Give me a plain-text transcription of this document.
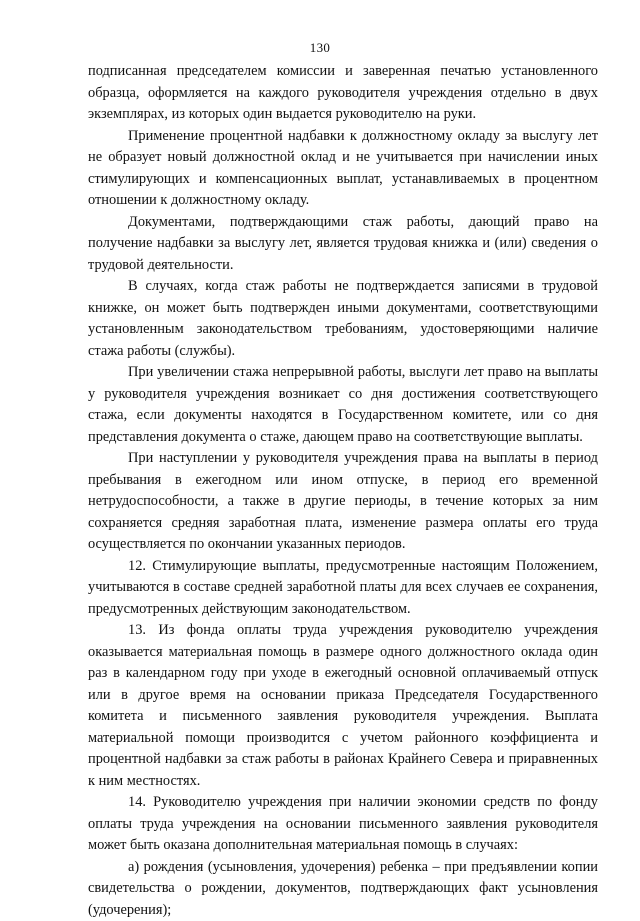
130

подписанная председателем комиссии и заверенная печатью установленного образца, оформляется на каждого руководителя учреждения отдельно в двух экземплярах, из которых один выдается руководителю на руки.

Применение процентной надбавки к должностному окладу за выслугу лет не образует новый должностной оклад и не учитывается при начислении иных стимулирующих и компенсационных выплат, устанавливаемых в процентном отношении к должностному окладу.

Документами, подтверждающими стаж работы, дающий право на получение надбавки за выслугу лет, является трудовая книжка и (или) сведения о трудовой деятельности.

В случаях, когда стаж работы не подтверждается записями в трудовой книжке, он может быть подтвержден иными документами, соответствующими установленным законодательством требованиям, удостоверяющими наличие стажа работы (службы).

При увеличении стажа непрерывной работы, выслуги лет право на выплаты у руководителя учреждения возникает со дня достижения соответствующего стажа, если документы находятся в Государственном комитете, или со дня представления документа о стаже, дающем право на соответствующие выплаты.

При наступлении у руководителя учреждения права на выплаты в период пребывания в ежегодном или ином отпуске, в период его временной нетрудоспособности, а также в другие периоды, в течение которых за ним сохраняется средняя заработная плата, изменение размера оплаты его труда осуществляется по окончании указанных периодов.

12. Стимулирующие выплаты, предусмотренные настоящим Положением, учитываются в составе средней заработной платы для всех случаев ее сохранения, предусмотренных действующим законодательством.

13. Из фонда оплаты труда учреждения руководителю учреждения оказывается материальная помощь в размере одного должностного оклада один раз в календарном году при уходе в ежегодный основной оплачиваемый отпуск или в другое время на основании приказа Председателя Государственного комитета и письменного заявления руководителя учреждения. Выплата материальной помощи производится с учетом районного коэффициента и процентной надбавки за стаж работы в районах Крайнего Севера и приравненных к ним местностях.

14. Руководителю учреждения при наличии экономии средств по фонду оплаты труда учреждения на основании письменного заявления руководителя может быть оказана дополнительная материальная помощь в случаях:

а) рождения (усыновления, удочерения) ребенка – при предъявлении копии свидетельства о рождении, документов, подтверждающих факт усыновления (удочерения);
